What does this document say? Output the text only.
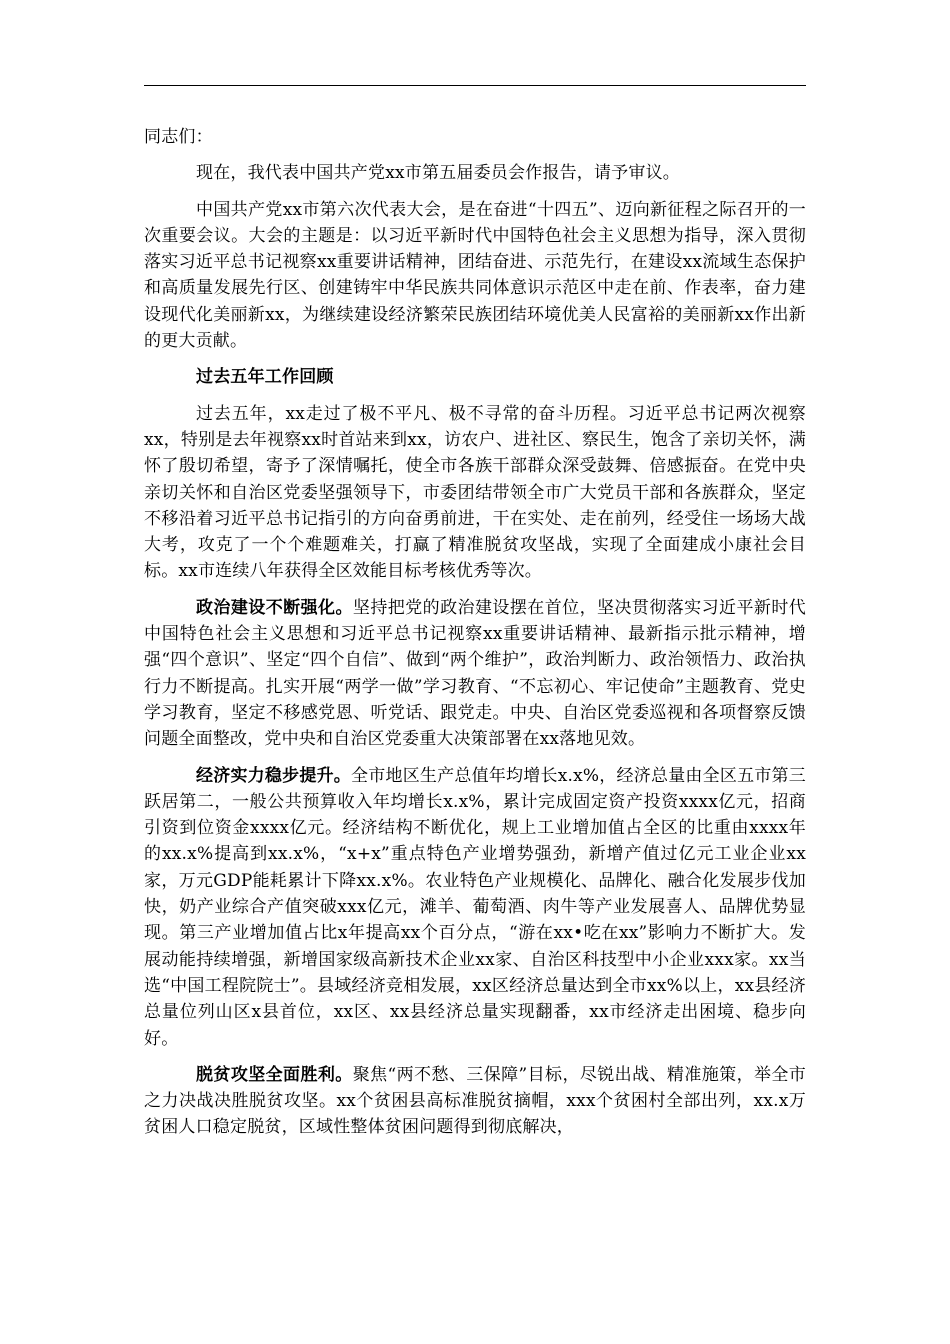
同志们：

现在，我代表中国共产党xx市第五届委员会作报告，请予审议。

中国共产党xx市第六次代表大会，是在奋进“十四五”、迈向新征程之际召开的一次重要会议。大会的主题是：以习近平新时代中国特色社会主义思想为指导，深入贯彻落实习近平总书记视察xx重要讲话精神，团结奋进、示范先行，在建设xx流域生态保护和高质量发展先行区、创建铸牢中华民族共同体意识示范区中走在前、作表率，奋力建设现代化美丽新xx，为继续建设经济繁荣民族团结环境优美人民富裕的美丽新xx作出新的更大贡献。

过去五年工作回顾

过去五年，xx走过了极不平凡、极不寻常的奋斗历程。习近平总书记两次视察xx，特别是去年视察xx时首站来到xx，访农户、进社区、察民生，饱含了亲切关怀，满怀了殷切希望，寄予了深情嘱托，使全市各族干部群众深受鼓舞、倍感振奋。在党中央亲切关怀和自治区党委坚强领导下，市委团结带领全市广大党员干部和各族群众，坚定不移沿着习近平总书记指引的方向奋勇前进，干在实处、走在前列，经受住一场场大战大考，攻克了一个个难题难关，打赢了精准脱贫攻坚战，实现了全面建成小康社会目标。xx市连续八年获得全区效能目标考核优秀等次。

政治建设不断强化。坚持把党的政治建设摆在首位，坚决贯彻落实习近平新时代中国特色社会主义思想和习近平总书记视察xx重要讲话精神、最新指示批示精神，增强“四个意识”、坚定“四个自信”、做到“两个维护”，政治判断力、政治领悟力、政治执行力不断提高。扎实开展“两学一做”学习教育、“不忘初心、牢记使命”主题教育、党史学习教育，坚定不移感党恩、听党话、跟党走。中央、自治区党委巡视和各项督察反馈问题全面整改，党中央和自治区党委重大决策部署在xx落地见效。

经济实力稳步提升。全市地区生产总值年均增长x.x%，经济总量由全区五市第三跃居第二，一般公共预算收入年均增长x.x%，累计完成固定资产投资xxxx亿元，招商引资到位资金xxxx亿元。经济结构不断优化，规上工业增加值占全区的比重由xxxx年的xx.x%提高到xx.x%，“x+x”重点特色产业增势强劲，新增产值过亿元工业企业xx家，万元GDP能耗累计下降xx.x%。农业特色产业规模化、品牌化、融合化发展步伐加快，奶产业综合产值突破xxx亿元，滩羊、葡萄酒、肉牛等产业发展喜人、品牌优势显现。第三产业增加值占比x年提高xx个百分点，“游在xx•吃在xx”影响力不断扩大。发展动能持续增强，新增国家级高新技术企业xx家、自治区科技型中小企业xxx家。xx当选“中国工程院院士”。县域经济竞相发展，xx区经济总量达到全市xx%以上，xx县经济总量位列山区x县首位，xx区、xx县经济总量实现翻番，xx市经济走出困境、稳步向好。

脱贫攻坚全面胜利。聚焦“两不愁、三保障”目标，尽锐出战、精准施策，举全市之力决战决胜脱贫攻坚。xx个贫困县高标准脱贫摘帽，xxx个贫困村全部出列，xx.x万贫困人口稳定脱贫，区域性整体贫困问题得到彻底解决，
